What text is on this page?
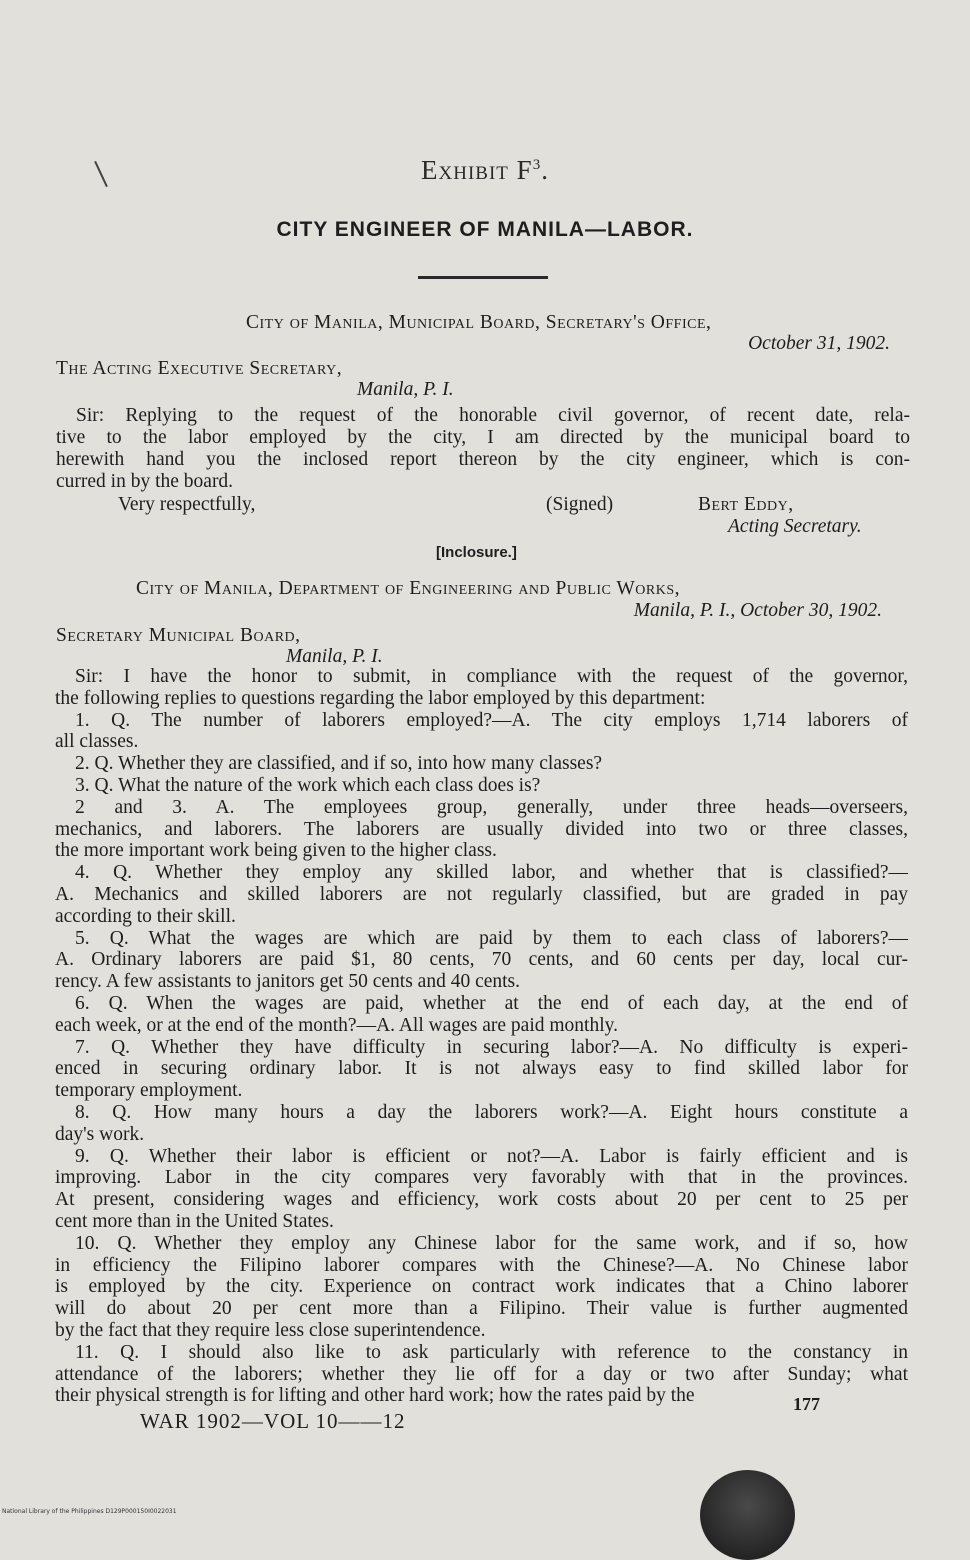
Exhibit $F^3$.
CITY ENGINEER OF MANILA—LABOR.
City of Manila, Municipal Board, Secretary's Office,
October 31, 1902.
The Acting Executive Secretary,
Manila, P. I.
Sir: Replying to the request of the honorable civil governor, of recent date, rela-
tive to the labor employed by the city, I am directed by the municipal board to
herewith hand you the inclosed report thereon by the city engineer, which is con-
curred in by the board.
Very respectfully,	(Signed)	Bert Eddy,
Acting Secretary.
[Inclosure.]
City of Manila, Department of Engineering and Public Works,
Manila, P. I., October 30, 1902.
Secretary Municipal Board,
Manila, P. I.
Sir: I have the honor to submit, in compliance with the request of the governor,
the following replies to questions regarding the labor employed by this department:
1. Q. The number of laborers employed?—A. The city employs 1,714 laborers of
all classes.
2. Q. Whether they are classified, and if so, into how many classes?
3. Q. What the nature of the work which each class does is?
2 and 3. A. The employees group, generally, under three heads—overseers,
mechanics, and laborers. The laborers are usually divided into two or three classes,
the more important work being given to the higher class.
4. Q. Whether they employ any skilled labor, and whether that is classified?—
A. Mechanics and skilled laborers are not regularly classified, but are graded in pay
according to their skill.
5. Q. What the wages are which are paid by them to each class of laborers?—
A. Ordinary laborers are paid $1, 80 cents, 70 cents, and 60 cents per day, local cur-
rency. A few assistants to janitors get 50 cents and 40 cents.
6. Q. When the wages are paid, whether at the end of each day, at the end of
each week, or at the end of the month?—A. All wages are paid monthly.
7. Q. Whether they have difficulty in securing labor?—A. No difficulty is experi-
enced in securing ordinary labor. It is not always easy to find skilled labor for
temporary employment.
8. Q. How many hours a day the laborers work?—A. Eight hours constitute a
day's work.
9. Q. Whether their labor is efficient or not?—A. Labor is fairly efficient and is
improving. Labor in the city compares very favorably with that in the provinces.
At present, considering wages and efficiency, work costs about 20 per cent to 25 per
cent more than in the United States.
10. Q. Whether they employ any Chinese labor for the same work, and if so, how
in efficiency the Filipino laborer compares with the Chinese?—A. No Chinese labor
is employed by the city. Experience on contract work indicates that a Chino laborer
will do about 20 per cent more than a Filipino. Their value is further augmented
by the fact that they require less close superintendence.
11. Q. I should also like to ask particularly with reference to the constancy in
attendance of the laborers; whether they lie off for a day or two after Sunday; what
their physical strength is for lifting and other hard work; how the rates paid by the
WAR 1902—VOL 10——12
177
National Library of the Philippines D129P000150I0022031
